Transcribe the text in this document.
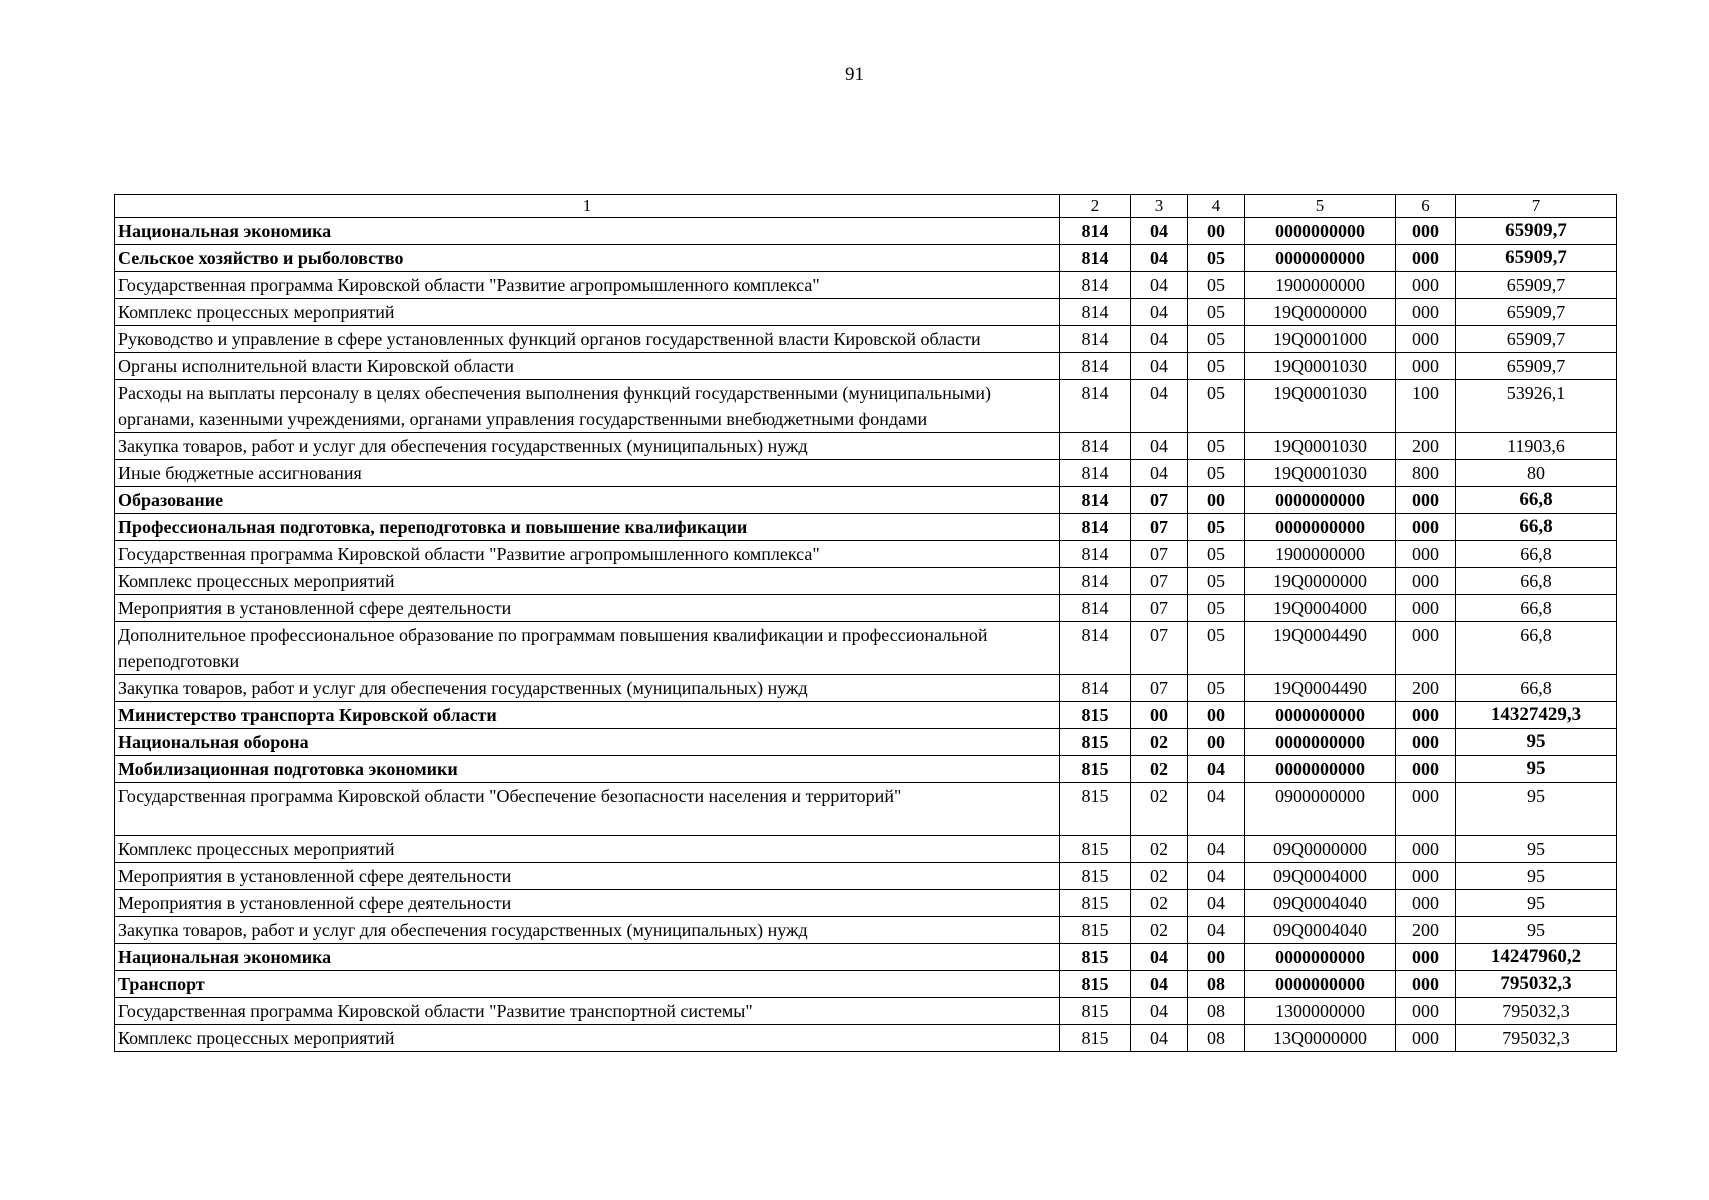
91
1	2	3	4	5	6	7
Национальная экономика	814	04	00	0000000000	000	65909,7
Сельское хозяйство и рыболовство	814	04	05	0000000000	000	65909,7
Государственная программа Кировской области "Развитие агропромышленного комплекса"	814	04	05	1900000000	000	65909,7
Комплекс процессных мероприятий	814	04	05	19Q0000000	000	65909,7
Руководство и управление в сфере установленных функций органов государственной власти Кировской области	814	04	05	19Q0001000	000	65909,7
Органы исполнительной власти Кировской области	814	04	05	19Q0001030	000	65909,7
Расходы на выплаты персоналу в целях обеспечения выполнения функций государственными (муниципальными) органами, казенными учреждениями, органами управления государственными внебюджетными фондами	814	04	05	19Q0001030	100	53926,1
Закупка товаров, работ и услуг для обеспечения государственных (муниципальных) нужд	814	04	05	19Q0001030	200	11903,6
Иные бюджетные ассигнования	814	04	05	19Q0001030	800	80
Образование	814	07	00	0000000000	000	66,8
Профессиональная подготовка, переподготовка и повышение квалификации	814	07	05	0000000000	000	66,8
Государственная программа Кировской области "Развитие агропромышленного комплекса"	814	07	05	1900000000	000	66,8
Комплекс процессных мероприятий	814	07	05	19Q0000000	000	66,8
Мероприятия в установленной сфере деятельности	814	07	05	19Q0004000	000	66,8
Дополнительное профессиональное образование по программам повышения квалификации и профессиональной переподготовки	814	07	05	19Q0004490	000	66,8
Закупка товаров, работ и услуг для обеспечения государственных (муниципальных) нужд	814	07	05	19Q0004490	200	66,8
Министерство транспорта Кировской области	815	00	00	0000000000	000	14327429,3
Национальная оборона	815	02	00	0000000000	000	95
Мобилизационная подготовка экономики	815	02	04	0000000000	000	95
Государственная программа Кировской области "Обеспечение безопасности населения и территорий"	815	02	04	0900000000	000	95
Комплекс процессных мероприятий	815	02	04	09Q0000000	000	95
Мероприятия в установленной сфере деятельности	815	02	04	09Q0004000	000	95
Мероприятия в установленной сфере деятельности	815	02	04	09Q0004040	000	95
Закупка товаров, работ и услуг для обеспечения государственных (муниципальных) нужд	815	02	04	09Q0004040	200	95
Национальная экономика	815	04	00	0000000000	000	14247960,2
Транспорт	815	04	08	0000000000	000	795032,3
Государственная программа Кировской области "Развитие транспортной системы"	815	04	08	1300000000	000	795032,3
Комплекс процессных мероприятий	815	04	08	13Q0000000	000	795032,3
